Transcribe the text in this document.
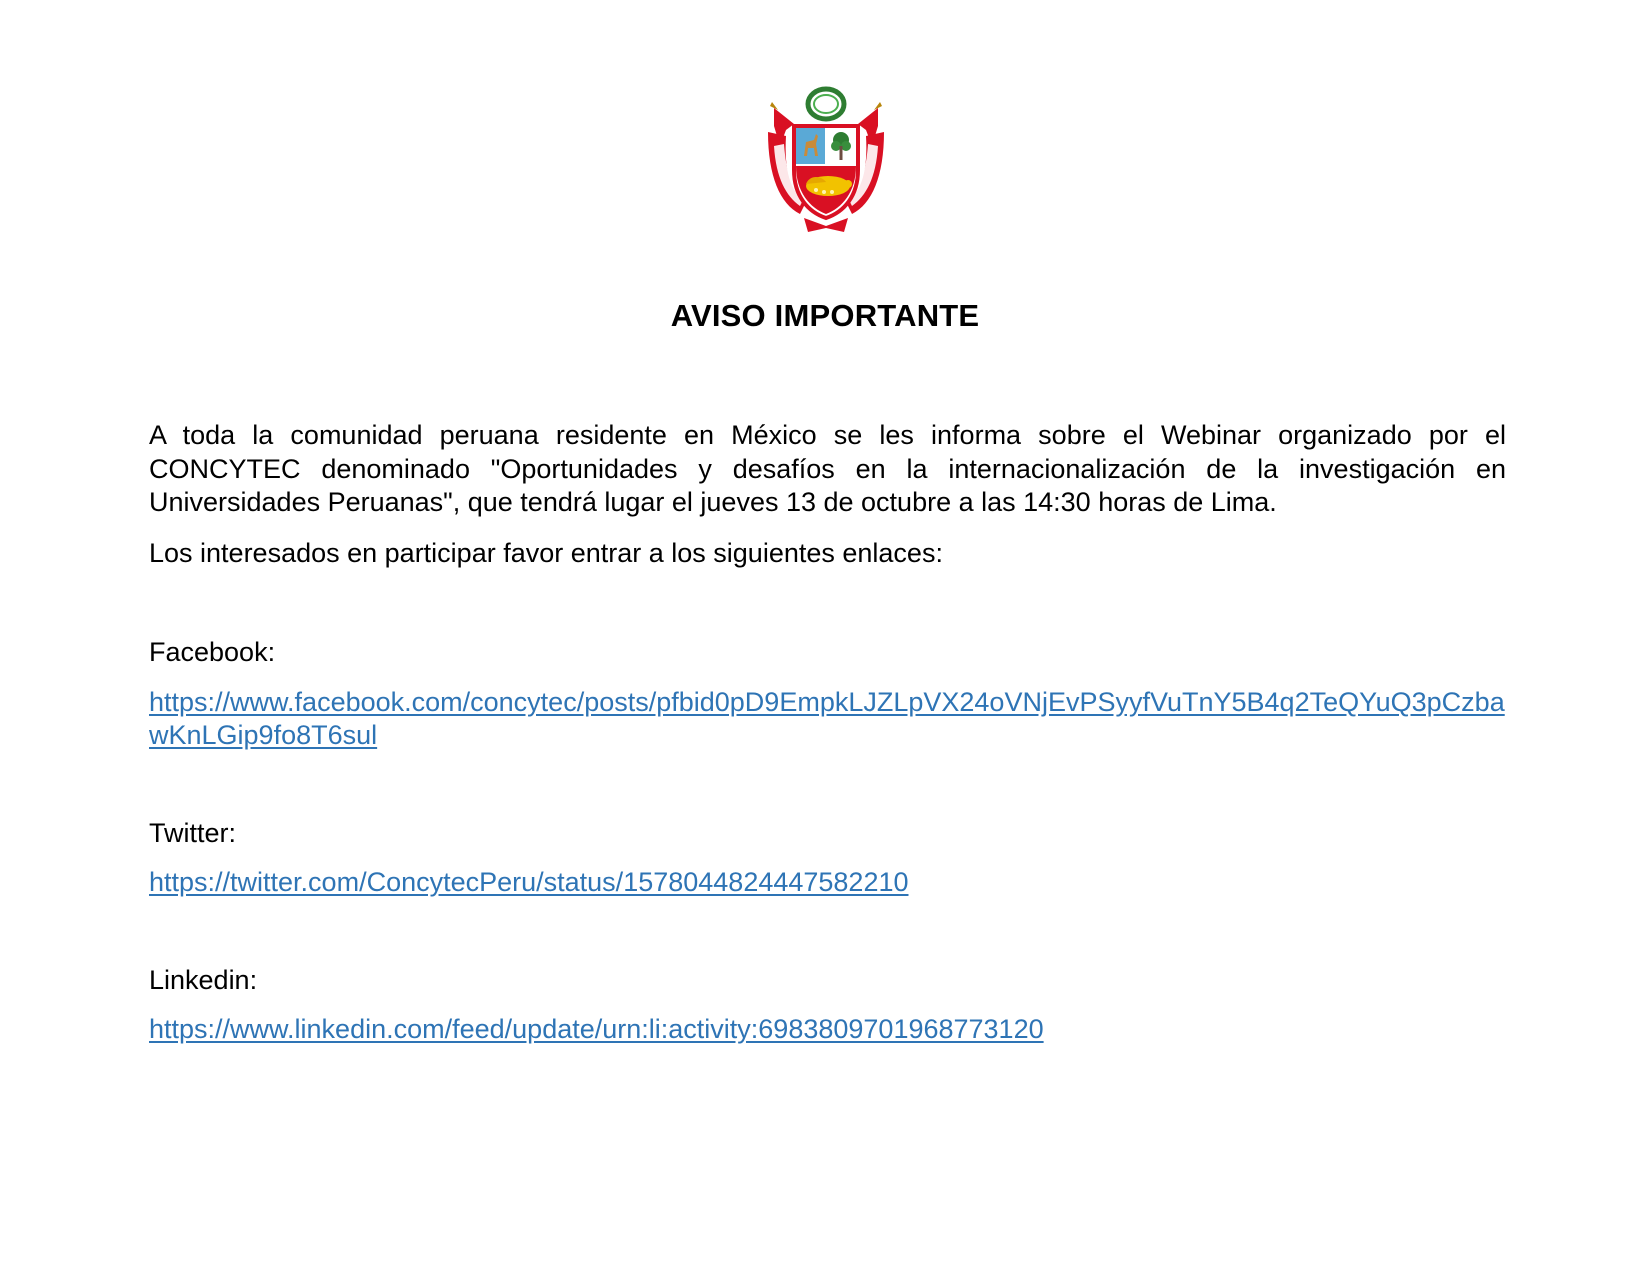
AVISO IMPORTANTE
A toda la comunidad peruana residente en México se les informa sobre el Webinar organizado por el CONCYTEC denominado "Oportunidades y desafíos en la internacionalización de la investigación en Universidades Peruanas", que tendrá lugar el jueves 13 de octubre a las 14:30 horas de Lima.
Los interesados en participar favor entrar a los siguientes enlaces:
Facebook:
https://www.facebook.com/concytec/posts/pfbid0pD9EmpkLJZLpVX24oVNjEvPSyyfVuTnY5B4q2TeQYuQ3pCzbawKnLGip9fo8T6sul
Twitter:
https://twitter.com/ConcytecPeru/status/1578044824447582210
Linkedin:
https://www.linkedin.com/feed/update/urn:li:activity:6983809701968773120
